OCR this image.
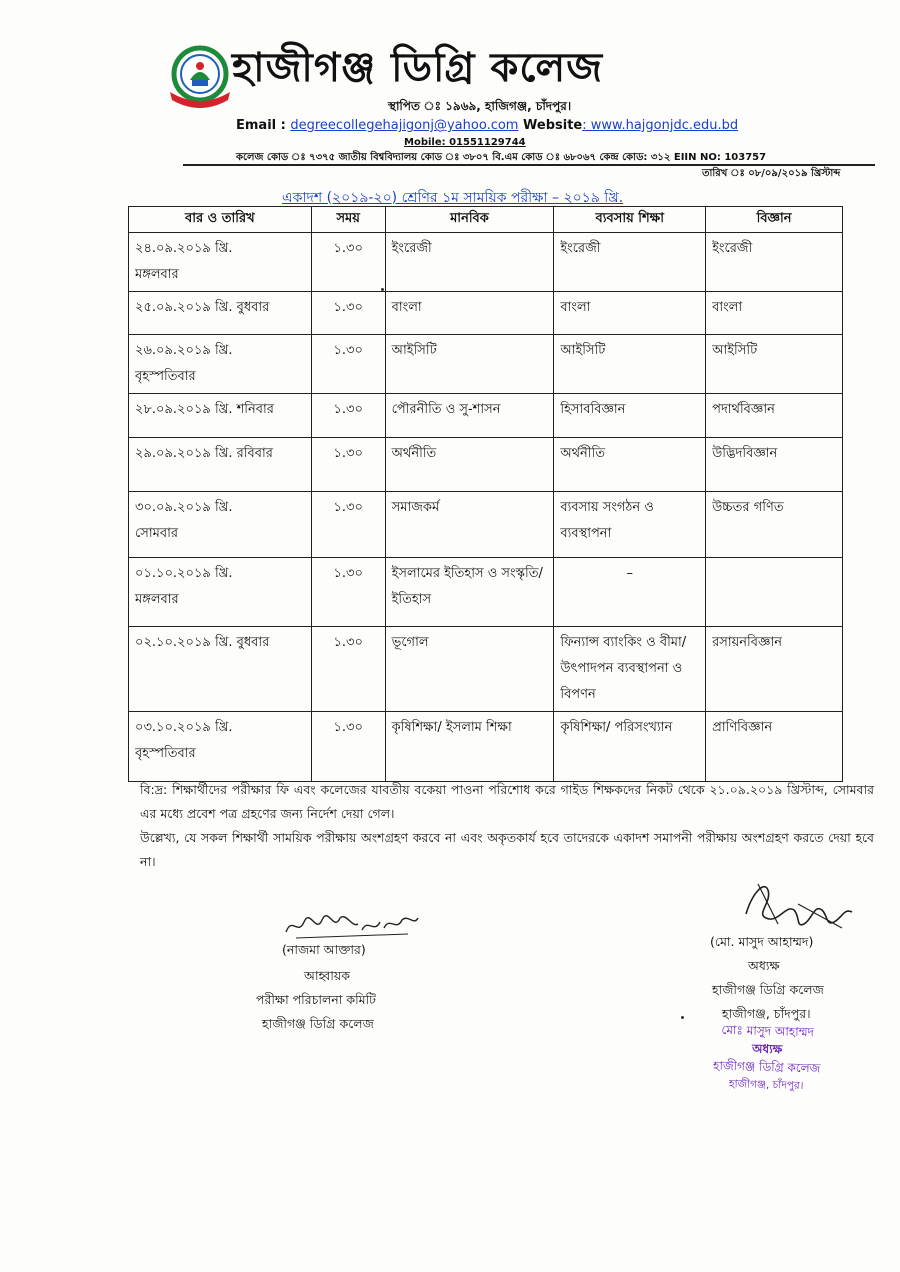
হাজীগঞ্জ ডিগ্রি কলেজ
স্থাপিত ঃ ১৯৬৯, হাজিগঞ্জ, চাঁদপুর।
Email : degreecollegehajigonj@yahoo.com Website: www.hajgonjdc.edu.bd
Mobile: 01551129744
কলেজ কোড ঃ ৭৩৭৫ জাতীয় বিশ্ববিদ্যালয় কোড ঃ ৩৮০৭ বি.এম কোড ঃ ৬৮০৬৭ কেন্দ্র কোড: ৩১২ EIIN NO: 103757
তারিখ ঃ ০৮/০৯/২০১৯ খ্রিস্টাব্দ
একাদশ (২০১৯-২০) শ্রেণির ১ম সাময়িক পরীক্ষা – ২০১৯ খ্রি.
বার ও তারিখ	সময়	মানবিক	ব্যবসায় শিক্ষা	বিজ্ঞান
২৪.০৯.২০১৯ খ্রি.
মঙ্গলবার	১.৩০	ইংরেজী	ইংরেজী	ইংরেজী
২৫.০৯.২০১৯ খ্রি. বুধবার	১.৩০	বাংলা	বাংলা	বাংলা
২৬.০৯.২০১৯ খ্রি.
বৃহস্পতিবার	১.৩০	আইসিটি	আইসিটি	আইসিটি
২৮.০৯.২০১৯ খ্রি. শনিবার	১.৩০	পৌরনীতি ও সু-শাসন	হিসাববিজ্ঞান	পদার্থবিজ্ঞান
২৯.০৯.২০১৯ খ্রি. রবিবার	১.৩০	অর্থনীতি	অর্থনীতি	উদ্ভিদবিজ্ঞান
৩০.০৯.২০১৯ খ্রি.
সোমবার	১.৩০	সমাজকর্ম	ব্যবসায় সংগঠন ও ব্যবস্থাপনা	উচ্চতর গণিত
০১.১০.২০১৯ খ্রি.
মঙ্গলবার	১.৩০	ইসলামের ইতিহাস ও সংস্কৃতি/ইতিহাস	–	
০২.১০.২০১৯ খ্রি. বুধবার	১.৩০	ভূগোল	ফিন্যান্স ব্যাংকিং ও বীমা/উৎপাদপন ব্যবস্থাপনা ও বিপণন	রসায়নবিজ্ঞান
০৩.১০.২০১৯ খ্রি.
বৃহস্পতিবার	১.৩০	কৃষিশিক্ষা/ ইসলাম শিক্ষা	কৃষিশিক্ষা/ পরিসংখ্যান	প্রাণিবিজ্ঞান
বি:দ্র: শিক্ষার্থীদের পরীক্ষার ফি এবং কলেজের যাবতীয় বকেয়া পাওনা পরিশোধ করে গাইড শিক্ষকদের নিকট থেকে ২১.০৯.২০১৯ খ্রিস্টাব্দ, সোমবার এর মধ্যে প্রবেশ পত্র গ্রহণের জন্য নির্দেশ দেয়া গেল।
উল্লেখ্য, যে সকল শিক্ষার্থী সাময়িক পরীক্ষায় অংশগ্রহণ করবে না এবং অকৃতকার্য হবে তাদেরকে একাদশ সমাপনী পরীক্ষায় অংশগ্রহণ করতে দেয়া হবে না।
(নাজমা আক্তার)
আহ্বায়ক
পরীক্ষা পরিচালনা কমিটি
হাজীগঞ্জ ডিগ্রি কলেজ
(মো. মাসুদ আহাম্মদ)
অধ্যক্ষ
হাজীগঞ্জ ডিগ্রি কলেজ
হাজীগঞ্জ, চাঁদপুর।
মোঃ মাসুদ আহাম্মদ
অধ্যক্ষ
হাজীগঞ্জ ডিগ্রি কলেজ
হাজীগঞ্জ, চাঁদপুর।
